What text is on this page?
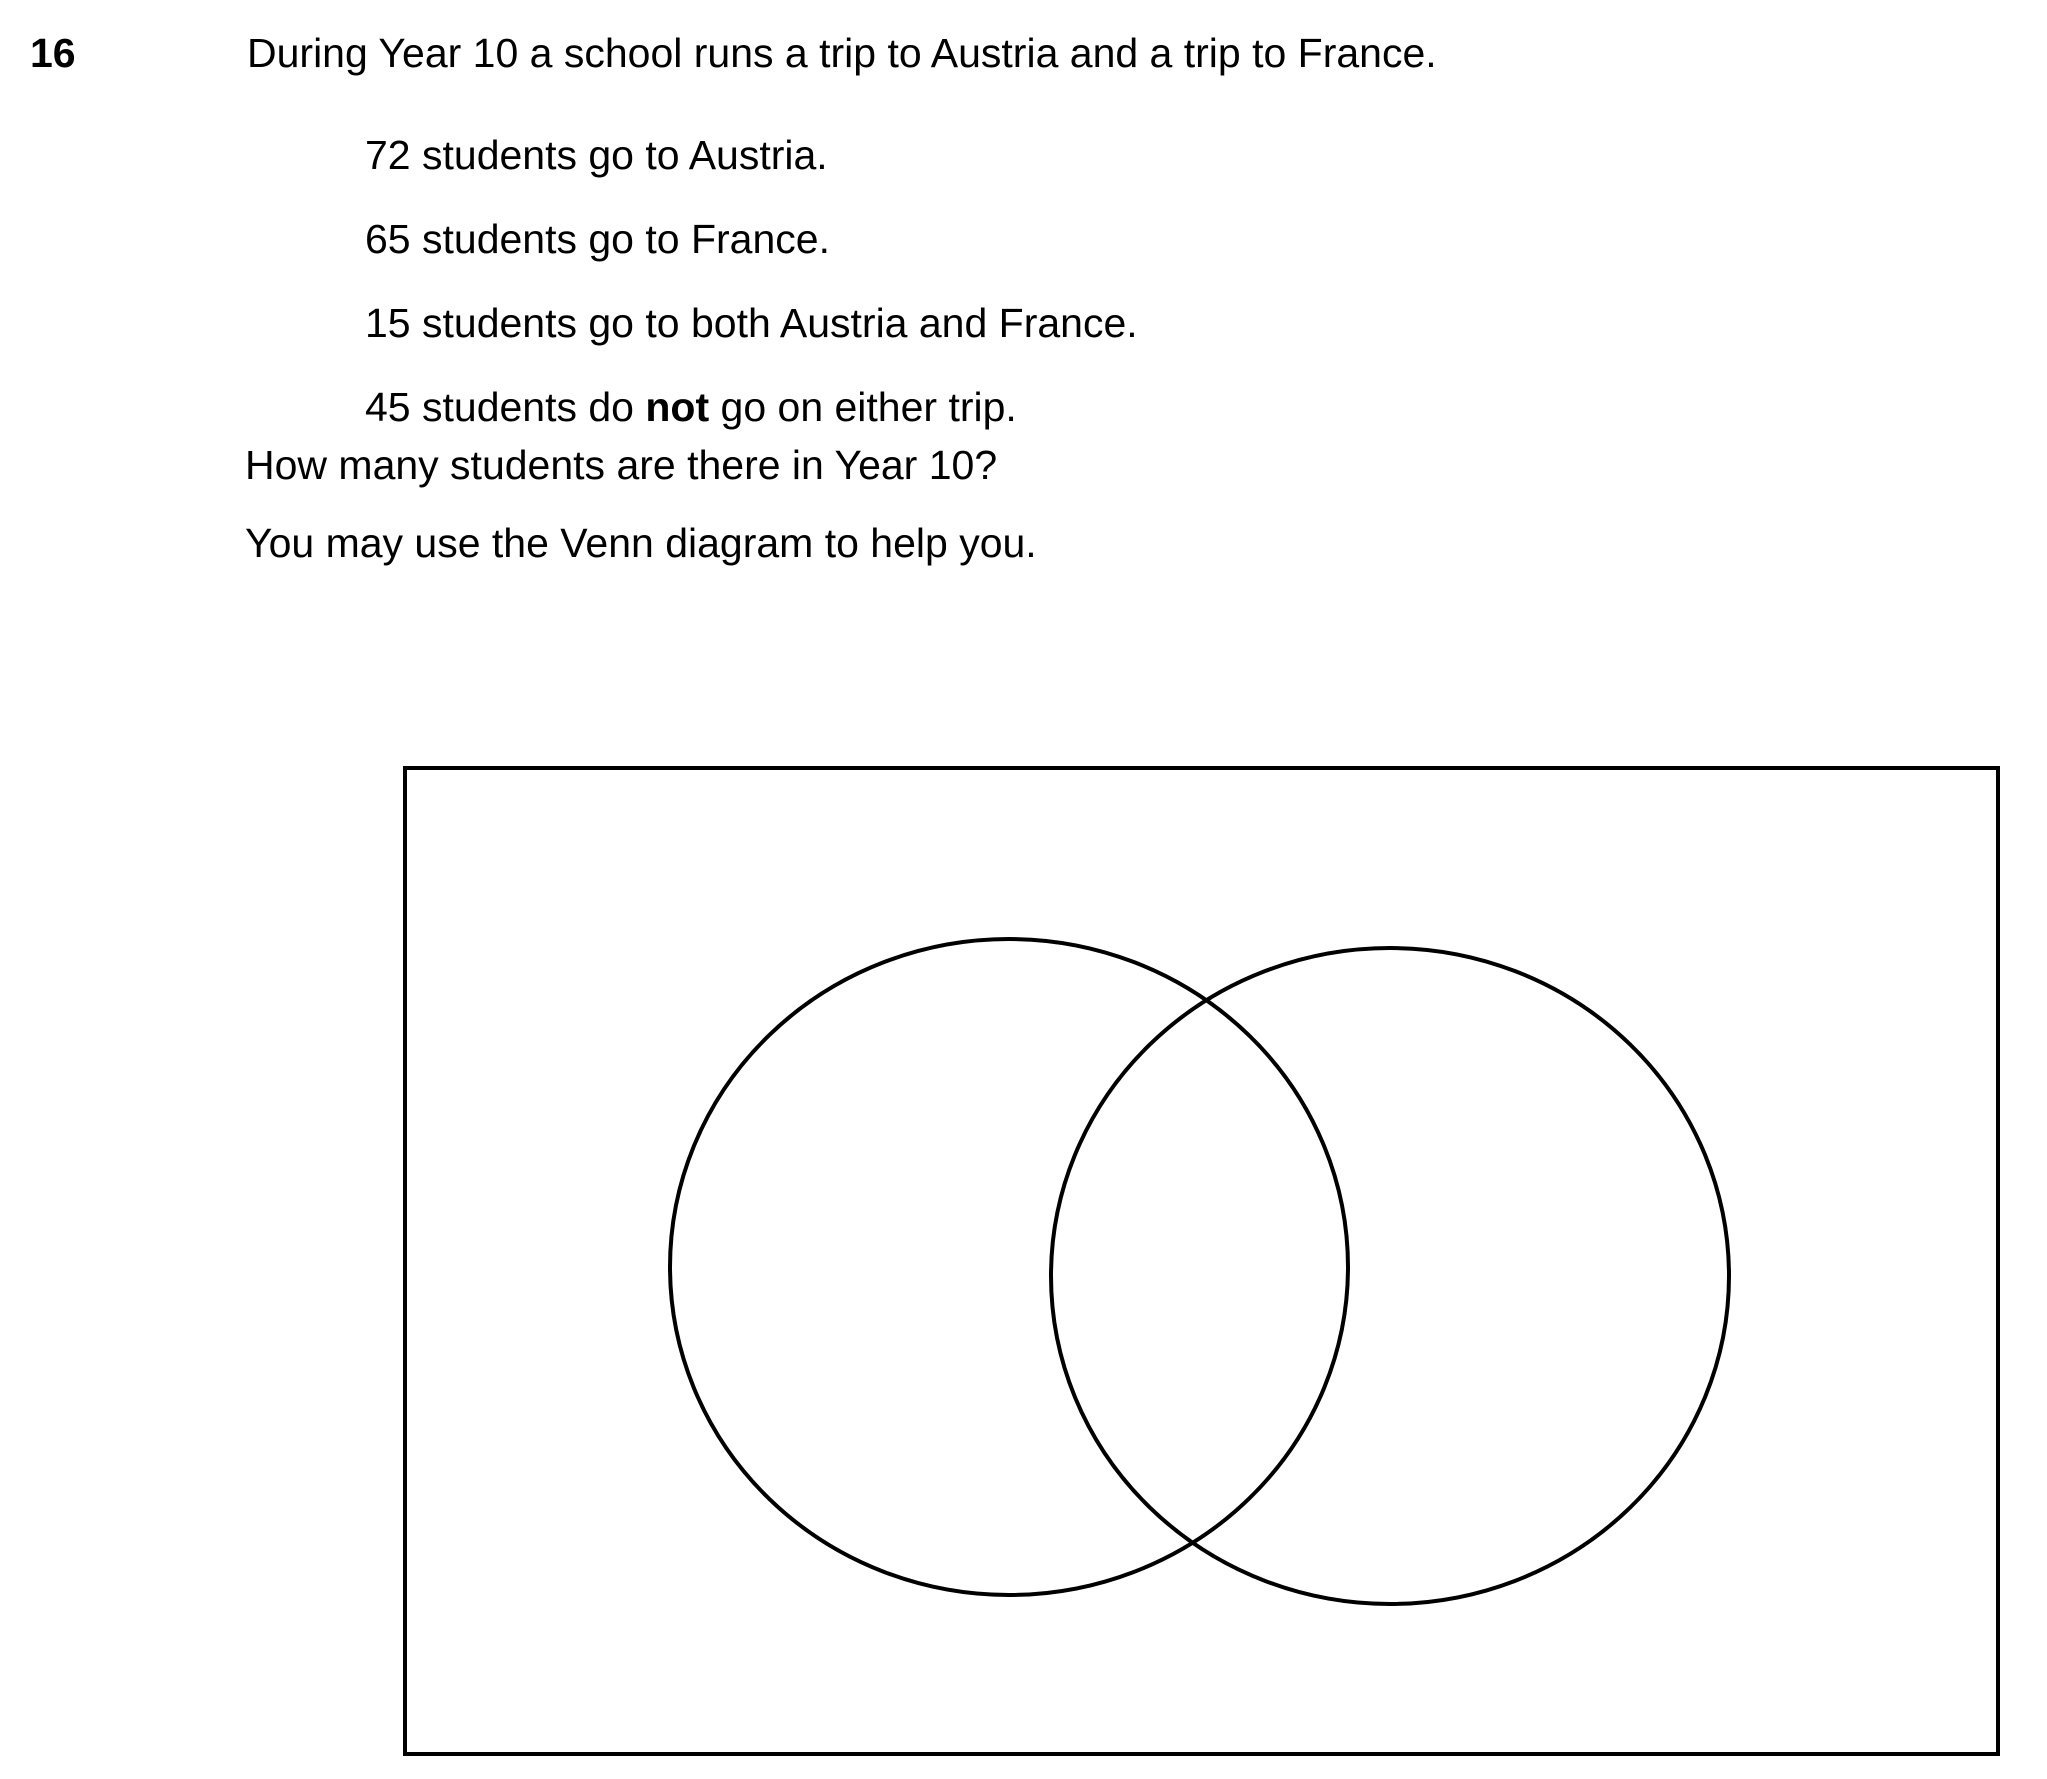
16	During Year 10 a school runs a trip to Austria and a trip to France.
72 students go to Austria.
65 students go to France.
15 students go to both Austria and France.
45 students do not go on either trip.
How many students are there in Year 10?
You may use the Venn diagram to help you.
